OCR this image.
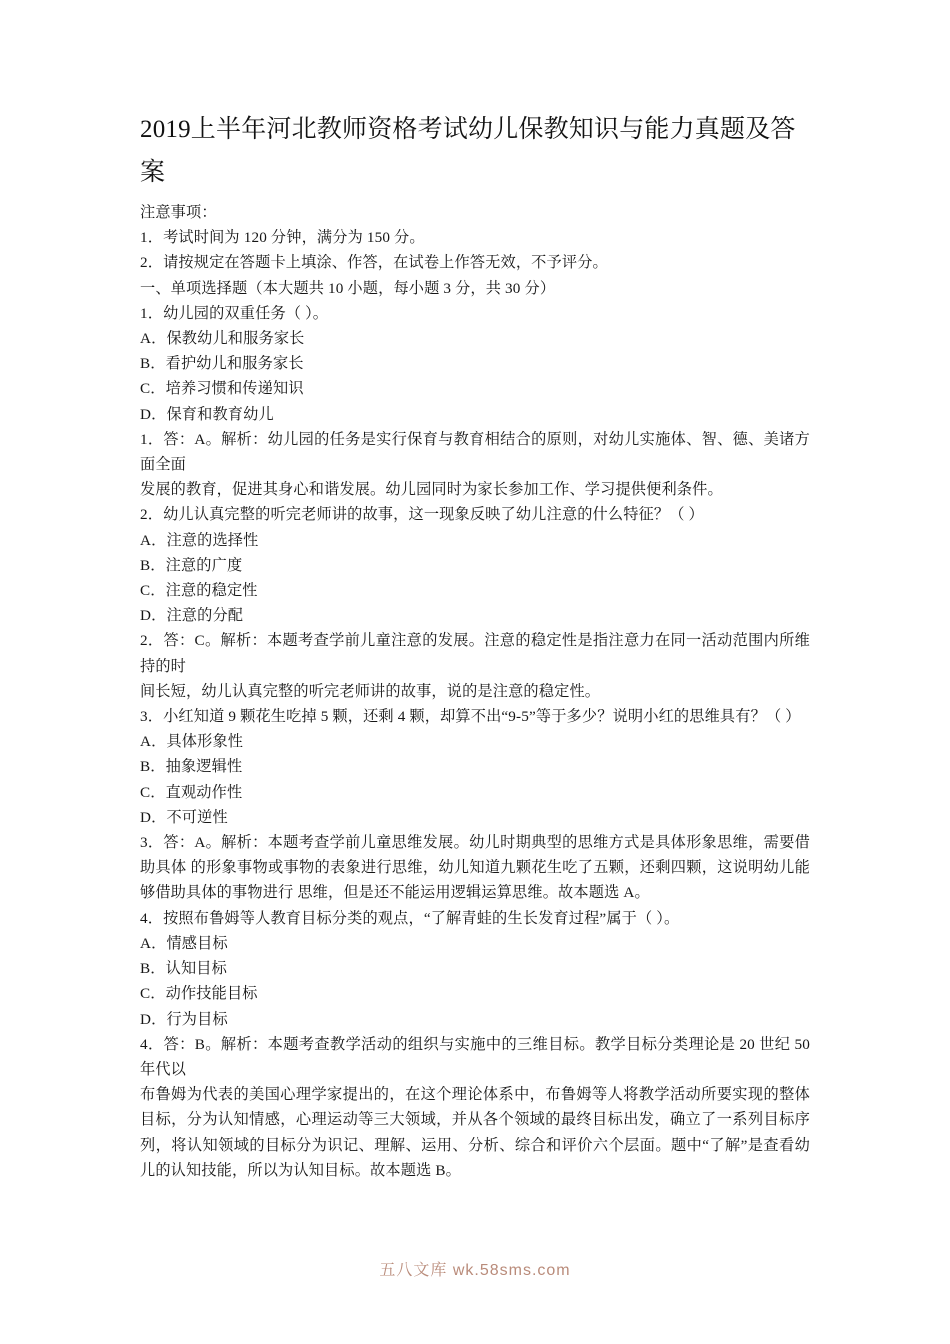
2019上半年河北教师资格考试幼儿保教知识与能力真题及答案
注意事项：
1．考试时间为 120 分钟，满分为 150 分。
2．请按规定在答题卡上填涂、作答，在试卷上作答无效，不予评分。
一、单项选择题（本大题共 10 小题，每小题 3 分，共 30 分）
1．幼儿园的双重任务（ ）。
A．保教幼儿和服务家长
B．看护幼儿和服务家长
C．培养习惯和传递知识
D．保育和教育幼儿
1．答：A。解析：幼儿园的任务是实行保育与教育相结合的原则，对幼儿实施体、智、德、美诸方面全面
发展的教育，促进其身心和谐发展。幼儿园同时为家长参加工作、学习提供便利条件。
2．幼儿认真完整的听完老师讲的故事，这一现象反映了幼儿注意的什么特征？（ ）
A．注意的选择性
B．注意的广度
C．注意的稳定性
D．注意的分配
2．答：C。解析：本题考查学前儿童注意的发展。注意的稳定性是指注意力在同一活动范围内所维持的时
间长短，幼儿认真完整的听完老师讲的故事，说的是注意的稳定性。
3．小红知道 9 颗花生吃掉 5 颗，还剩 4 颗，却算不出“9-5”等于多少？说明小红的思维具有？（ ）
A．具体形象性
B．抽象逻辑性
C．直观动作性
D．不可逆性
3．答：A。解析：本题考查学前儿童思维发展。幼儿时期典型的思维方式是具体形象思维，需要借助具体 的形象事物或事物的表象进行思维，幼儿知道九颗花生吃了五颗，还剩四颗，这说明幼儿能够借助具体的事物进行 思维，但是还不能运用逻辑运算思维。故本题选 A。
4．按照布鲁姆等人教育目标分类的观点，“了解青蛙的生长发育过程”属于（ ）。
A．情感目标
B．认知目标
C．动作技能目标
D．行为目标
4．答：B。解析：本题考查教学活动的组织与实施中的三维目标。教学目标分类理论是 20 世纪 50 年代以
布鲁姆为代表的美国心理学家提出的，在这个理论体系中，布鲁姆等人将教学活动所要实现的整体目标，分为认知情感，心理运动等三大领域，并从各个领域的最终目标出发，确立了一系列目标序列，将认知领域的目标分为识记、理解、运用、分析、综合和评价六个层面。题中“了解”是查看幼儿的认知技能，所以为认知目标。故本题选 B。
五八文库 wk.58sms.com
